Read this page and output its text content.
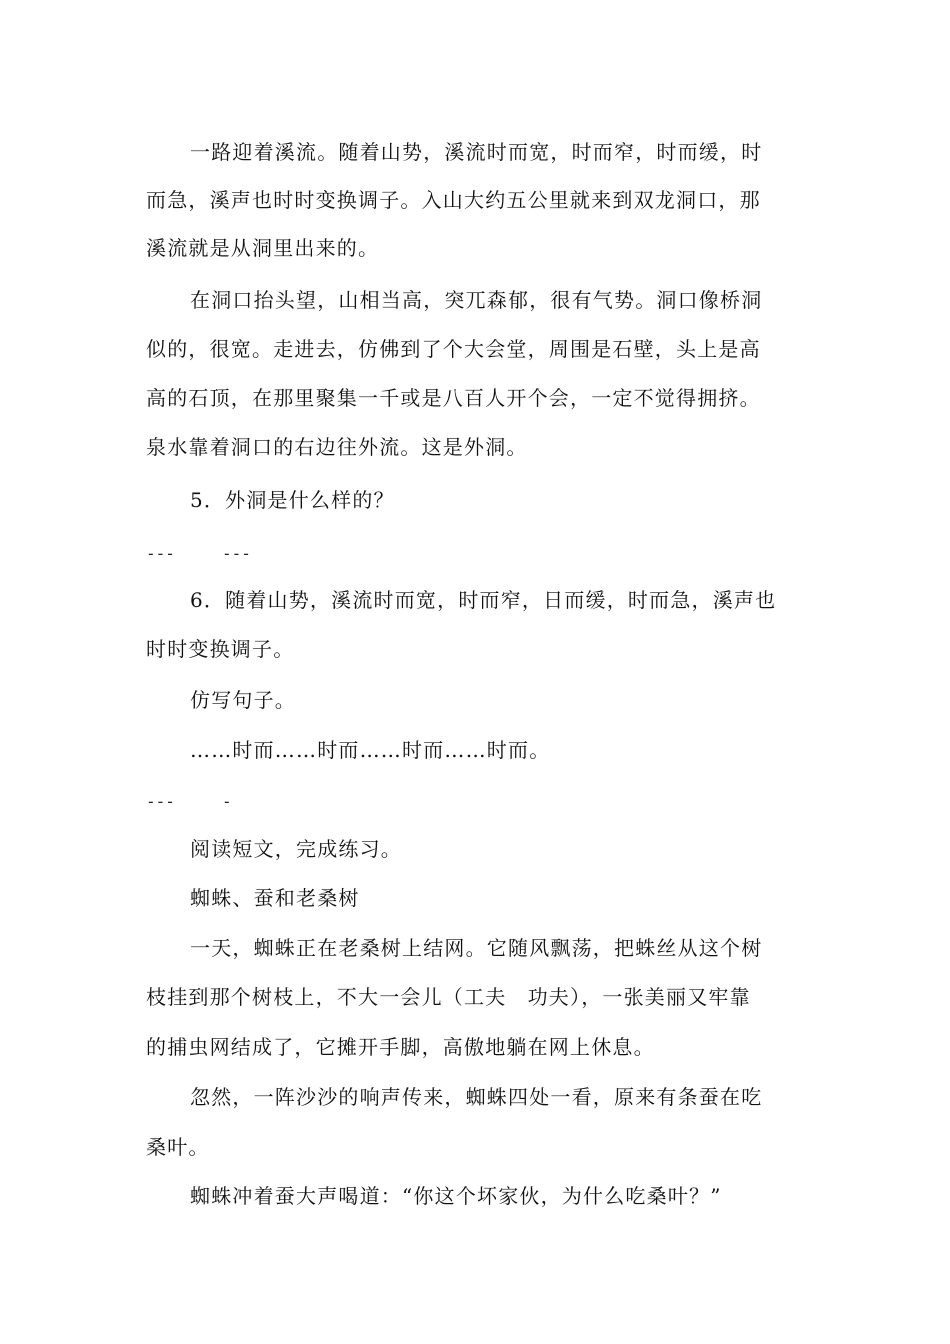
一路迎着溪流。随着山势，溪流时而宽，时而窄，时而缓，时
而急，溪声也时时变换调子。入山大约五公里就来到双龙洞口，那
溪流就是从洞里出来的。
在洞口抬头望，山相当高，突兀森郁，很有气势。洞口像桥洞
似的，很宽。走进去，仿佛到了个大会堂，周围是石壁，头上是高
高的石顶，在那里聚集一千或是八百人开个会，一定不觉得拥挤。
泉水靠着洞口的右边往外流。这是外洞。
5．外洞是什么样的？
---	---
6．随着山势，溪流时而宽，时而窄，日而缓，时而急，溪声也
时时变换调子。
仿写句子。
……时而……时而……时而……时而。
---	-
阅读短文，完成练习。
蜘蛛、蚕和老桑树
一天，蜘蛛正在老桑树上结网。它随风飘荡，把蛛丝从这个树
枝挂到那个树枝上，不大一会儿（工夫　功夫），一张美丽又牢靠
的捕虫网结成了，它摊开手脚，高傲地躺在网上休息。
忽然，一阵沙沙的响声传来，蜘蛛四处一看，原来有条蚕在吃
桑叶。
蜘蛛冲着蚕大声喝道：“你这个坏家伙，为什么吃桑叶？”
